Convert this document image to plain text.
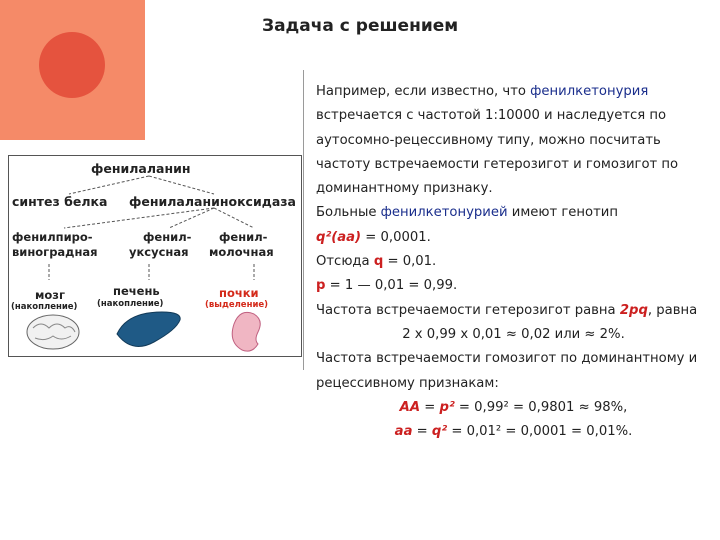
Задача с решением
фенилаланин
синтез белка фенилаланиноксидаза
фенилпиро-
виноградная
фенил-
уксусная
фенил-
молочная
мозг
(накопление)
печень
(накопление)
почки
(выделение)

Например, если известно, что фенилкетонурия встречается с частотой 1:10000 и наследуется по аутосомно-рецессивному типу, можно посчитать частоту встречаемости гетерозигот и гомозигот по доминантному признаку.

Больные фенилкетонурией имеют генотип

q²(aa) = 0,0001.

Отсюда q = 0,01.

p = 1 — 0,01 = 0,99.

Частота встречаемости гетерозигот равна 2pq, равна

2 х 0,99 х 0,01 ≈ 0,02 или ≈ 2%.

Частота встречаемости гомозигот по доминантному и рецессивному признакам:

AA = p² = 0,99² = 0,9801 ≈ 98%,

aa = q² = 0,01² = 0,0001 = 0,01%.
